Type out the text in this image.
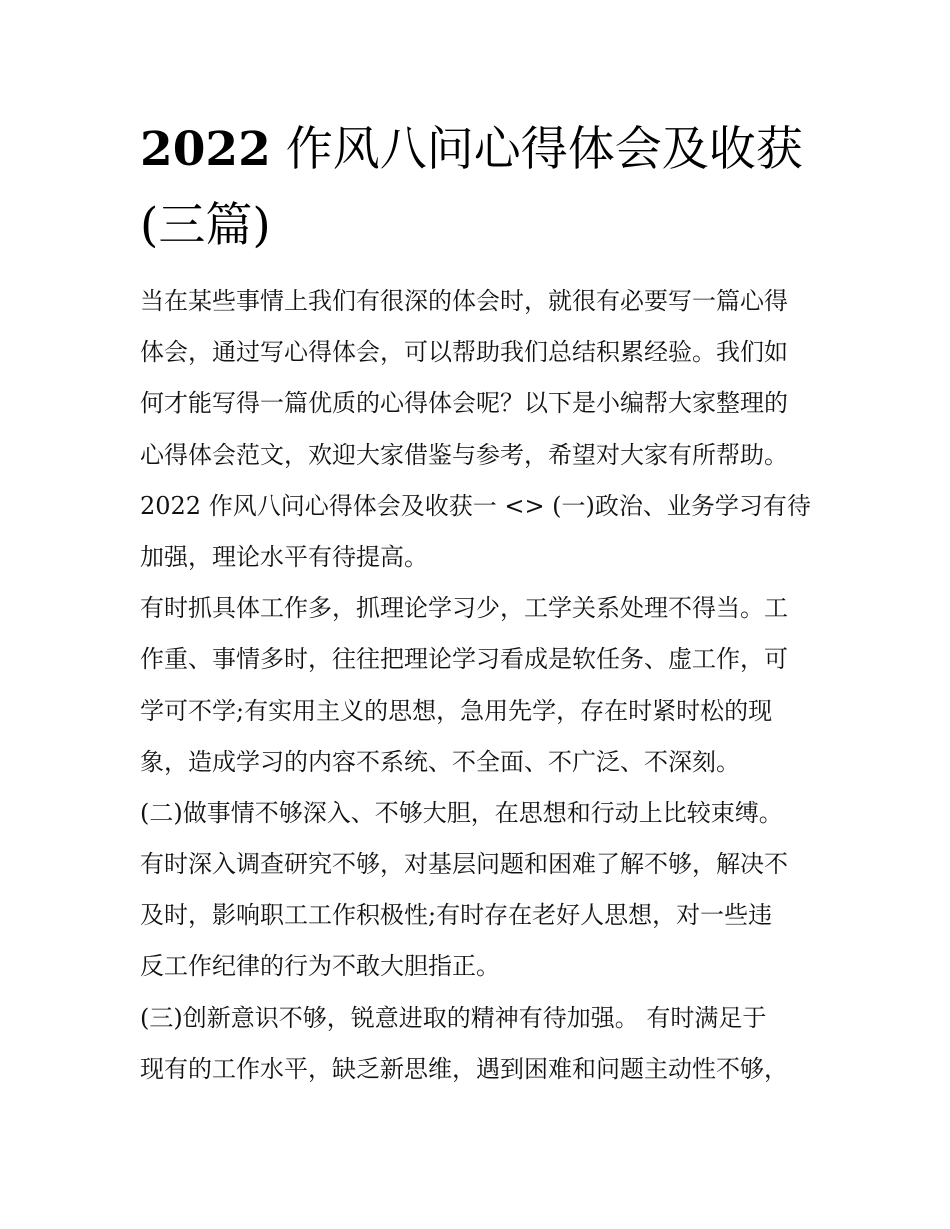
2022 作风八问心得体会及收获
(三篇)

当在某些事情上我们有很深的体会时，就很有必要写一篇心得

体会，通过写心得体会，可以帮助我们总结积累经验。我们如

何才能写得一篇优质的心得体会呢？以下是小编帮大家整理的

心得体会范文，欢迎大家借鉴与参考，希望对大家有所帮助。

2022 作风八问心得体会及收获一 <> (一)政治、业务学习有待

加强，理论水平有待提高。

有时抓具体工作多，抓理论学习少，工学关系处理不得当。工

作重、事情多时，往往把理论学习看成是软任务、虚工作，可

学可不学;有实用主义的思想，急用先学，存在时紧时松的现

象，造成学习的内容不系统、不全面、不广泛、不深刻。

(二)做事情不够深入、不够大胆，在思想和行动上比较束缚。

有时深入调查研究不够，对基层问题和困难了解不够，解决不

及时，影响职工工作积极性;有时存在老好人思想，对一些违

反工作纪律的行为不敢大胆指正。

(三)创新意识不够，锐意进取的精神有待加强。 有时满足于

现有的工作水平，缺乏新思维，遇到困难和问题主动性不够，
